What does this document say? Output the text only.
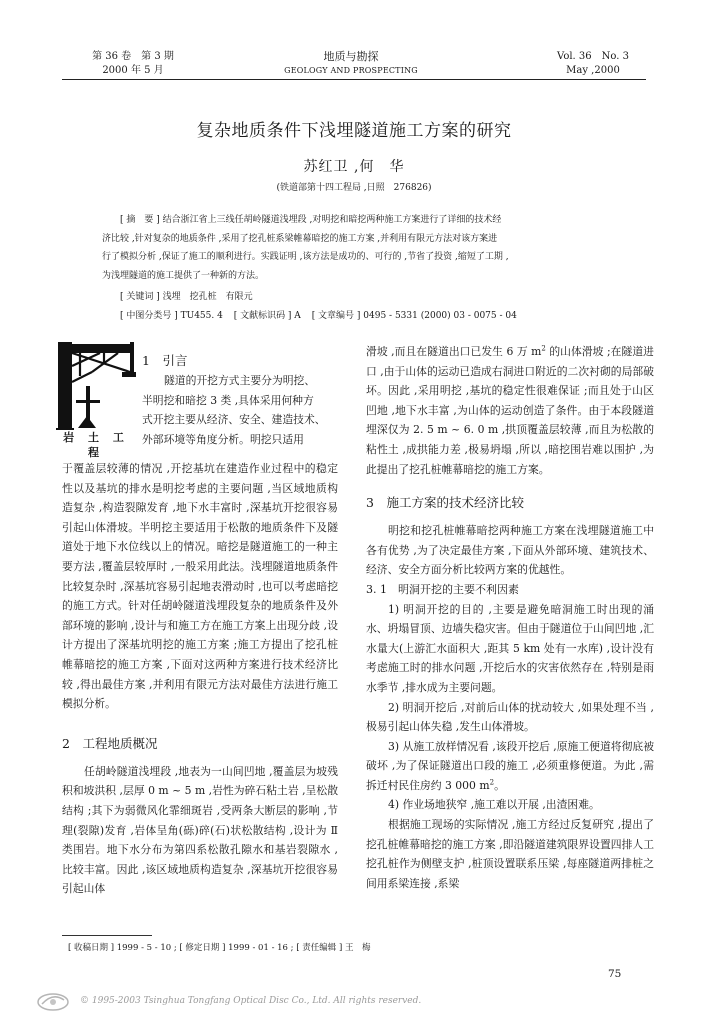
第 36 卷　第 3 期
2000 年 5 月
地质与勘探
GEOLOGY AND PROSPECTING
Vol. 36　No. 3
May ,2000
复杂地质条件下浅埋隧道施工方案的研究
苏红卫 ,何　华
(铁道部第十四工程局 ,日照　276826)

[ 摘　要 ] 结合浙江省上三线任胡岭隧道浅埋段 ,对明挖和暗挖两种施工方案进行了详细的技术经

济比较 ,针对复杂的地质条件 ,采用了挖孔桩系梁帷幕暗挖的施工方案 ,并利用有限元方法对该方案进

行了模拟分析 ,保证了施工的顺利进行。实践证明 ,该方法是成功的、可行的 ,节省了投资 ,缩短了工期 ,

为浅埋隧道的施工提供了一种新的方法。

[ 关键词 ] 浅埋　挖孔桩　有限元
[ 中图分类号 ] TU455. 4 [ 文献标识码 ] A [ 文章编号 ] 0495 - 5331 (2000) 03 - 0075 - 04
岩 土 工 程
1　引言

隧道的开挖方式主要分为明挖、

半明挖和暗挖 3 类 ,具体采用何种方

式开挖主要从经济、安全、建造技术、

外部环境等角度分析。明挖只适用

于覆盖层较薄的情况 ,开挖基坑在建造作业过程中的稳定性以及基坑的排水是明挖考虑的主要问题 ,当区域地质构造复杂 ,构造裂隙发育 ,地下水丰富时 ,深基坑开挖很容易引起山体滑坡。半明挖主要适用于松散的地质条件下及隧道处于地下水位线以上的情况。暗挖是隧道施工的一种主要方法 ,覆盖层较厚时 ,一般采用此法。浅埋隧道地质条件比较复杂时 ,深基坑容易引起地表滑动时 ,也可以考虑暗挖的施工方式。针对任胡岭隧道浅埋段复杂的地质条件及外部环境的影响 ,设计与和施工方在施工方案上出现分歧 ,设计方提出了深基坑明挖的施工方案 ;施工方提出了挖孔桩帷幕暗挖的施工方案 ,下面对这两种方案进行技术经济比较 ,得出最佳方案 ,并利用有限元方法对最佳方法进行施工模拟分析。

2　工程地质概况

任胡岭隧道浅埋段 ,地表为一山间凹地 ,覆盖层为坡残积和坡洪积 ,层厚 0 m ~ 5 m ,岩性为碎石粘土岩 ,呈松散结构 ;其下为弱微风化霏细斑岩 ,受两条大断层的影响 ,节理(裂隙)发育 ,岩体呈角(砾)碎(石)状松散结构 ,设计为 Ⅱ类围岩。地下水分布为第四系松散孔隙水和基岩裂隙水 ,比较丰富。因此 ,该区域地质构造复杂 ,深基坑开挖很容易引起山体

滑坡 ,而且在隧道出口已发生 6 万 $m^2$ 的山体滑坡 ;在隧道进口 ,由于山体的运动已造成右洞进口附近的二次衬砌的局部破坏。因此 ,采用明挖 ,基坑的稳定性很难保证 ;而且处于山区凹地 ,地下水丰富 ,为山体的运动创造了条件。由于本段隧道埋深仅为 2. 5 m ~ 6. 0 m ,拱顶覆盖层较薄 ,而且为松散的粘性土 ,成拱能力差 ,极易坍塌 ,所以 ,暗挖围岩难以围护 ,为此提出了挖孔桩帷幕暗挖的施工方案。

3　施工方案的技术经济比较

明挖和挖孔桩帷幕暗挖两种施工方案在浅埋隧道施工中各有优势 ,为了决定最佳方案 ,下面从外部环境、建筑技术、经济、安全方面分析比较两方案的优越性。

3. 1　明洞开挖的主要不利因素

1) 明洞开挖的目的 ,主要是避免暗洞施工时出现的涌水、坍塌冒顶、边墙失稳灾害。但由于隧道位于山间凹地 ,汇水量大(上游汇水面积大 ,距其 5 km 处有一水库) ,设计没有考虑施工时的排水问题 ,开挖后水的灾害依然存在 ,特别是雨水季节 ,排水成为主要问题。

2) 明洞开挖后 ,对前后山体的扰动较大 ,如果处理不当 ,极易引起山体失稳 ,发生山体滑坡。

3) 从施工放样情况看 ,该段开挖后 ,原施工便道将彻底被破坏 ,为了保证隧道出口段的施工 ,必须重修便道。为此 ,需拆迁村民住房约 3 000 $m^2$。

4) 作业场地狭窄 ,施工难以开展 ,出渣困难。

根据施工现场的实际情况 ,施工方经过反复研究 ,提出了挖孔桩帷幕暗挖的施工方案 ,即沿隧道建筑限界设置四排人工挖孔桩作为侧壁支护 ,桩顶设置联系压梁 ,每座隧道两排桩之间用系梁连接 ,系梁

[ 收稿日期 ] 1999 - 5 - 10 ; [ 修定日期 ] 1999 - 01 - 16 ; [ 责任编辑 ] 王　梅
75
© 1995-2003 Tsinghua Tongfang Optical Disc Co., Ltd. All rights reserved.
